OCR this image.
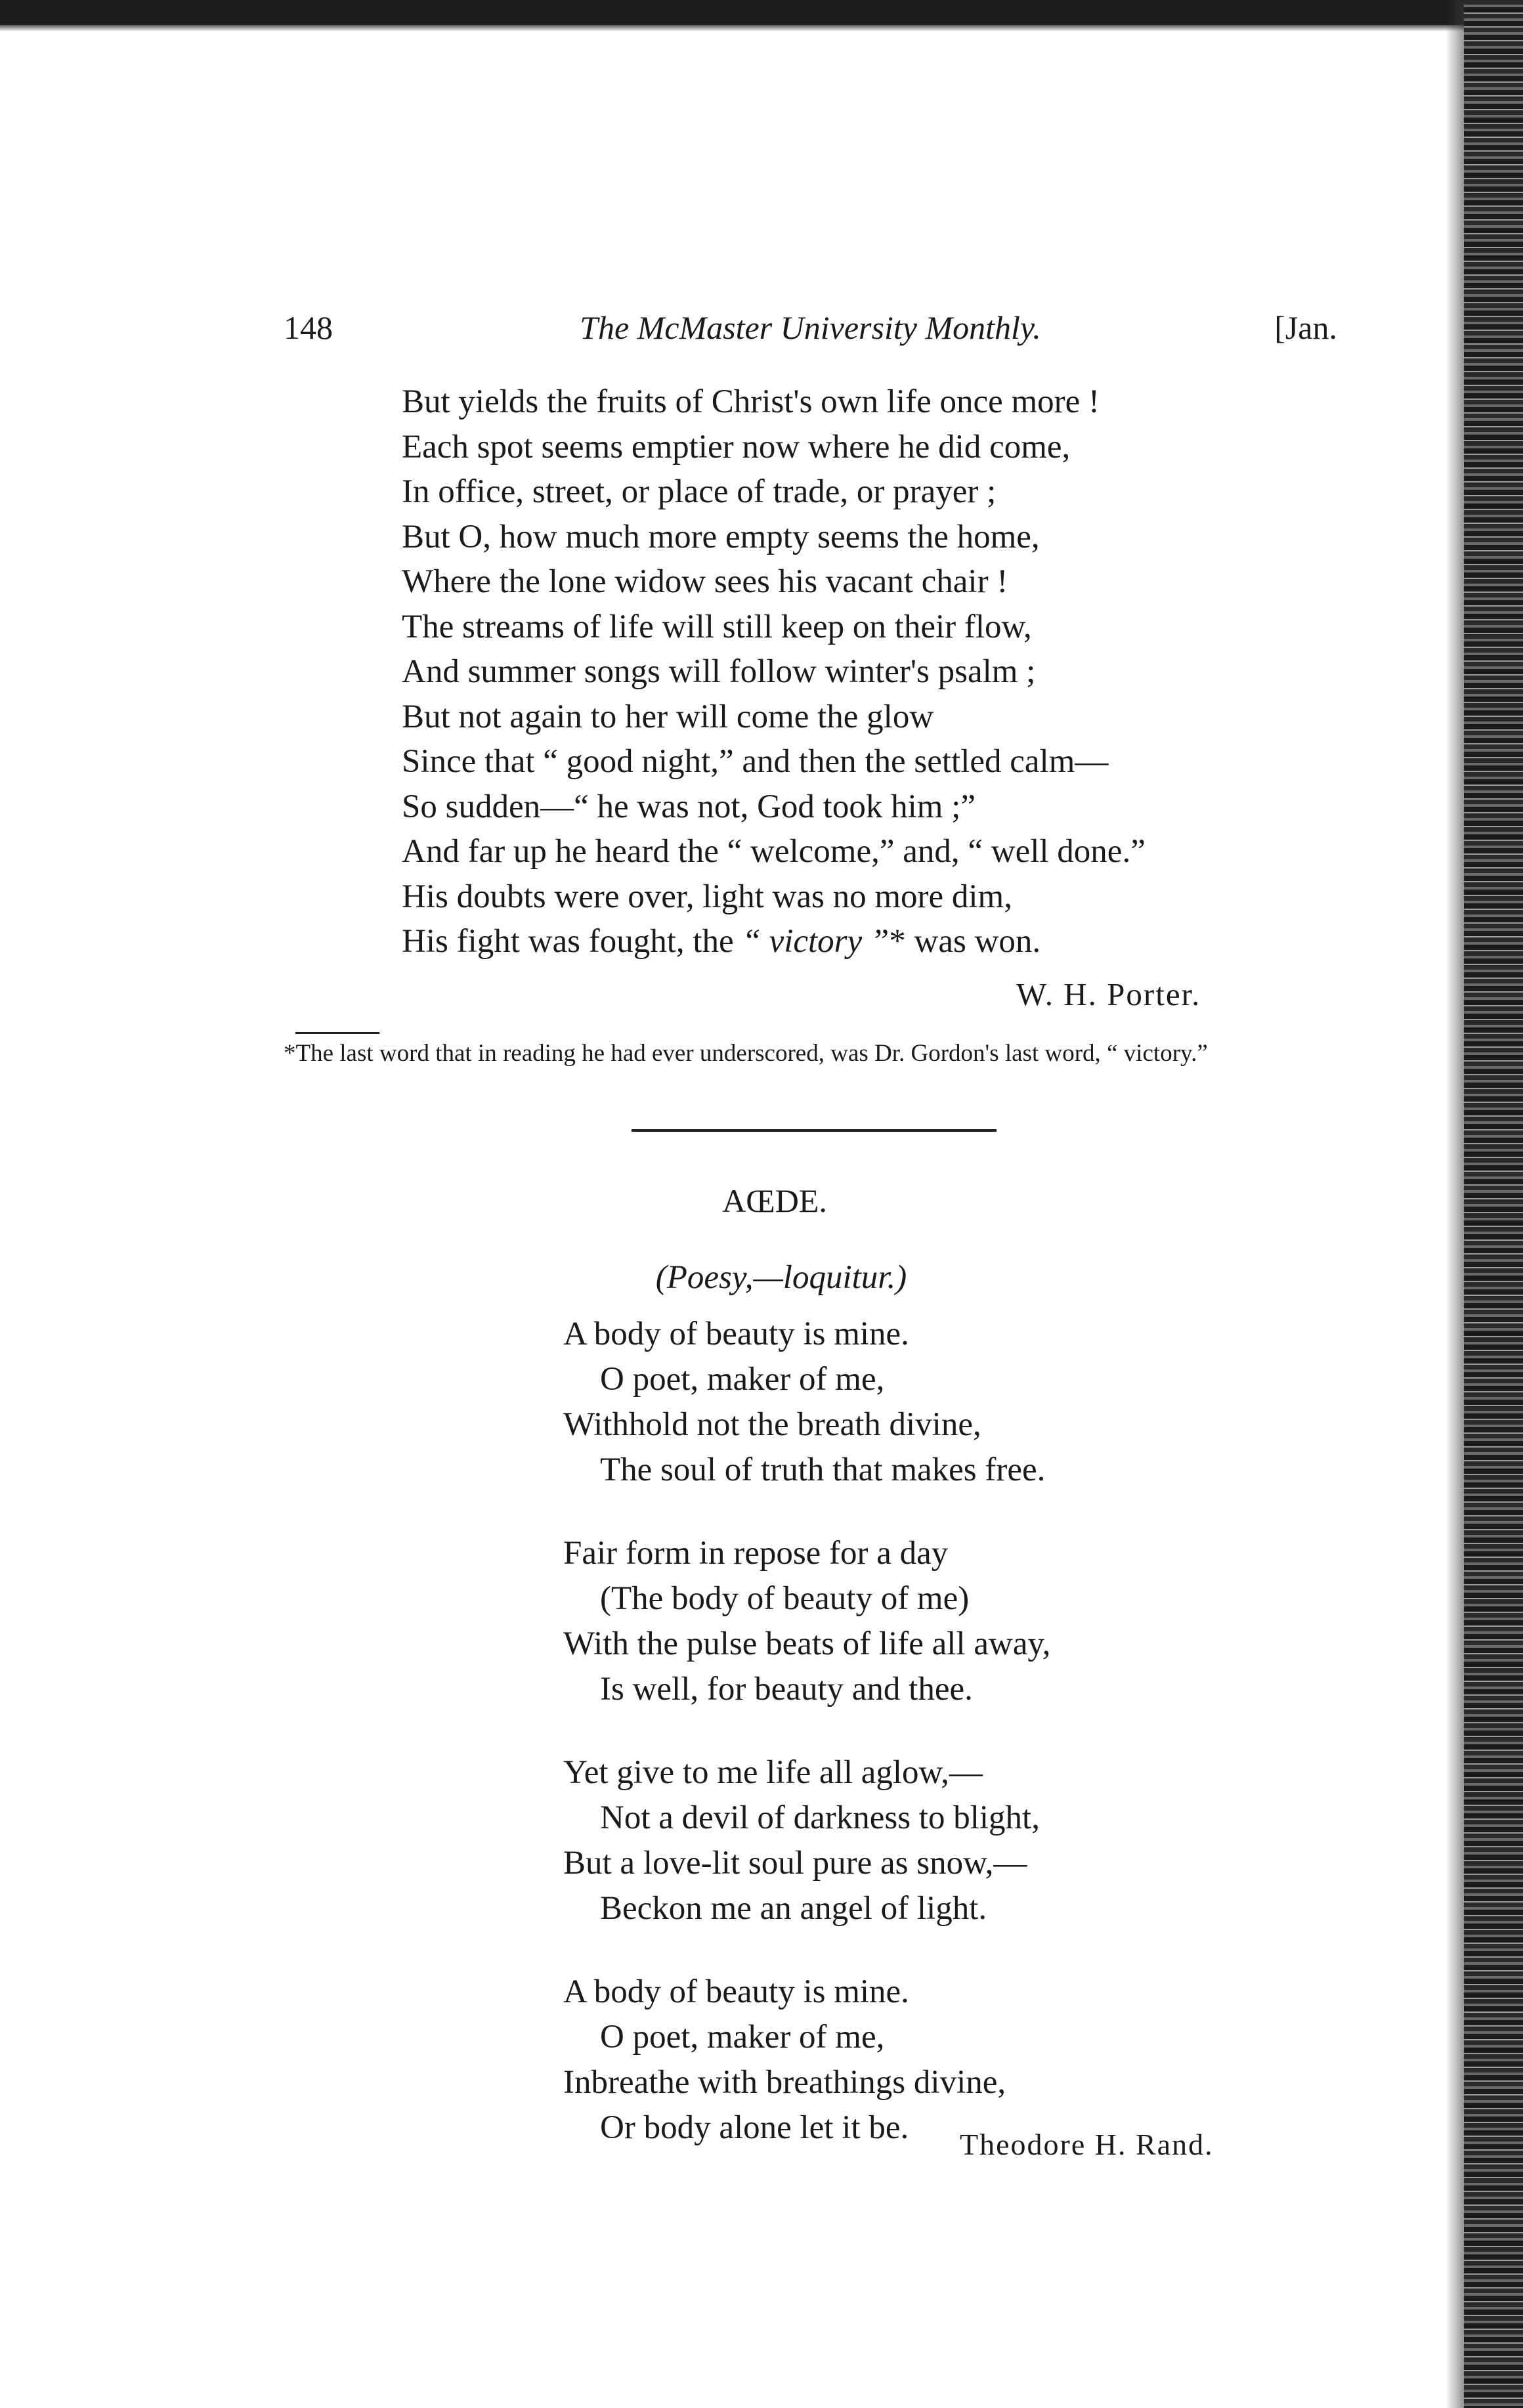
148	The McMaster University Monthly.	[Jan.
But yields the fruits of Christ's own life once more !
Each spot seems emptier now where he did come,
In office, street, or place of trade, or prayer ;
But O, how much more empty seems the home,
Where the lone widow sees his vacant chair !
The streams of life will still keep on their flow,
And summer songs will follow winter's psalm ;
But not again to her will come the glow
Since that “ good night,” and then the settled calm—
So sudden—“ he was not, God took him ;”
And far up he heard the “ welcome,” and, “ well done.”
His doubts were over, light was no more dim,
His fight was fought, the “ victory ”* was won.
W. H. Porter.
*The last word that in reading he had ever underscored, was Dr. Gordon's last word, “ victory.”
AŒDE.
(Poesy,—loquitur.)
A body of beauty is mine.
O poet, maker of me,
Withhold not the breath divine,
The soul of truth that makes free.
Fair form in repose for a day
(The body of beauty of me)
With the pulse beats of life all away,
Is well, for beauty and thee.
Yet give to me life all aglow,—
Not a devil of darkness to blight,
But a love-lit soul pure as snow,—
Beckon me an angel of light.
A body of beauty is mine.
O poet, maker of me,
Inbreathe with breathings divine,
Or body alone let it be.	Theodore H. Rand.
